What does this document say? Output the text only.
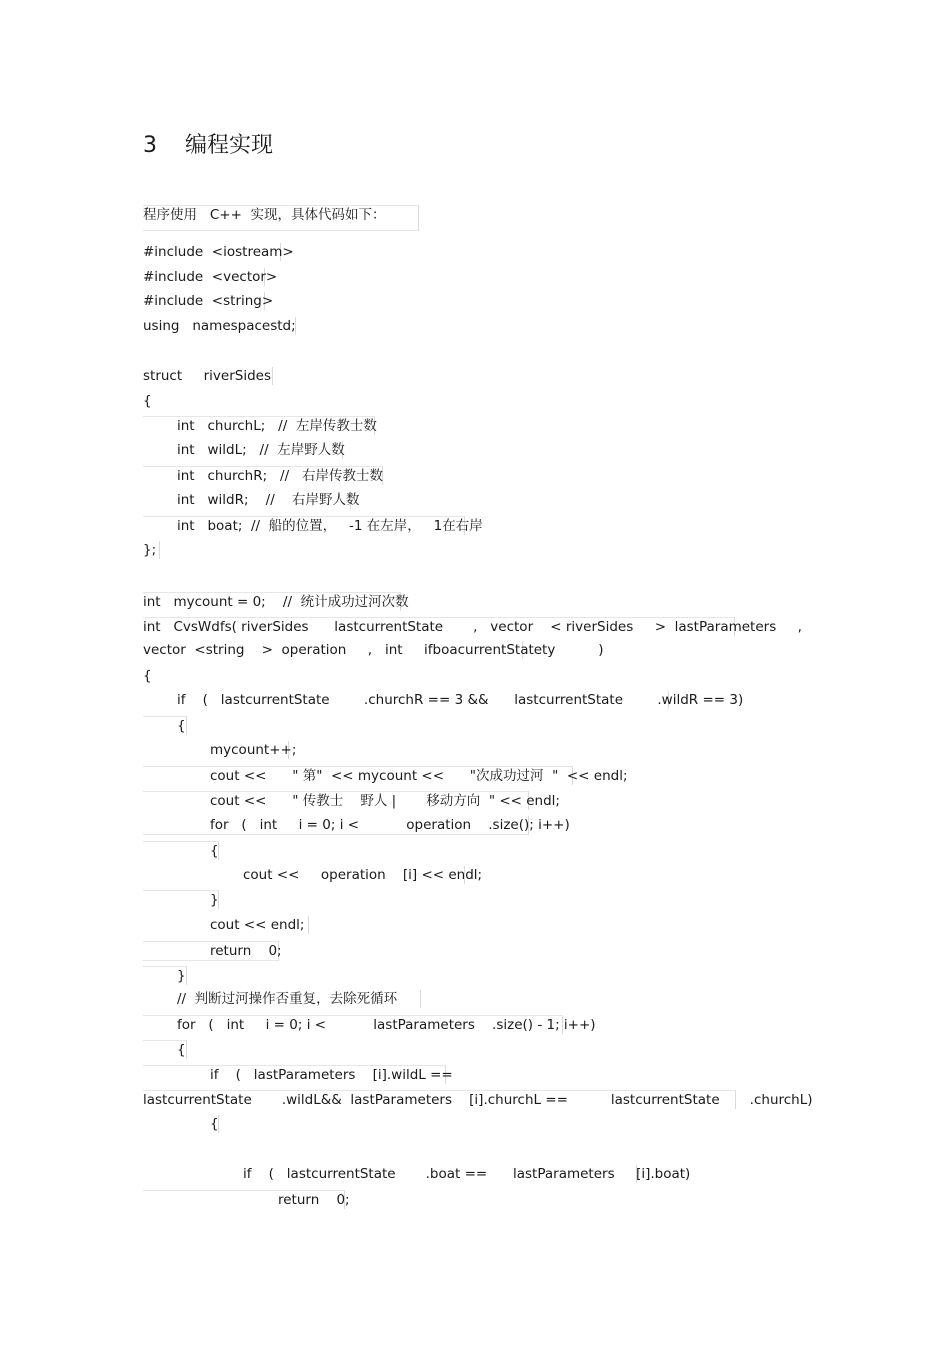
3    编程实现
程序使用   C++  实现，具体代码如下：
#include  <iostream>
#include  <vector>
#include  <string>
using   namespacestd;
struct     riverSides
{
int   churchL;   //  左岸传教士数
int   wildL;   //  左岸野人数
int   churchR;   //   右岸传教士数
int   wildR;    //    右岸野人数
int   boat;  //  船的位置，   -1 在左岸，   1在右岸
};
int   mycount = 0;    //  统计成功过河次数
int   CvsWdfs( riverSides      lastcurrentState       ,   vector    < riverSides     >  lastParameters     ,
vector  <string    >  operation     ,   int     ifboacurrentStatety          )
{
if    (   lastcurrentState        .churchR == 3 &&      lastcurrentState        .wildR == 3)
{
mycount++;
cout <<      " 第"  << mycount <<      "次成功过河  "  << endl;
cout <<      " 传教士    野人 |       移动方向  " << endl;
for   (   int     i = 0; i <           operation    .size(); i++)
{
cout <<     operation    [i] << endl;
}
cout << endl;
return    0;
}
//  判断过河操作否重复，去除死循环
for   (   int     i = 0; i <           lastParameters    .size() - 1; i++)
{
if    (   lastParameters    [i].wildL ==
lastcurrentState       .wildL&&  lastParameters    [i].churchL ==          lastcurrentState       .churchL)
{
if    (   lastcurrentState       .boat ==      lastParameters     [i].boat)
return    0;
